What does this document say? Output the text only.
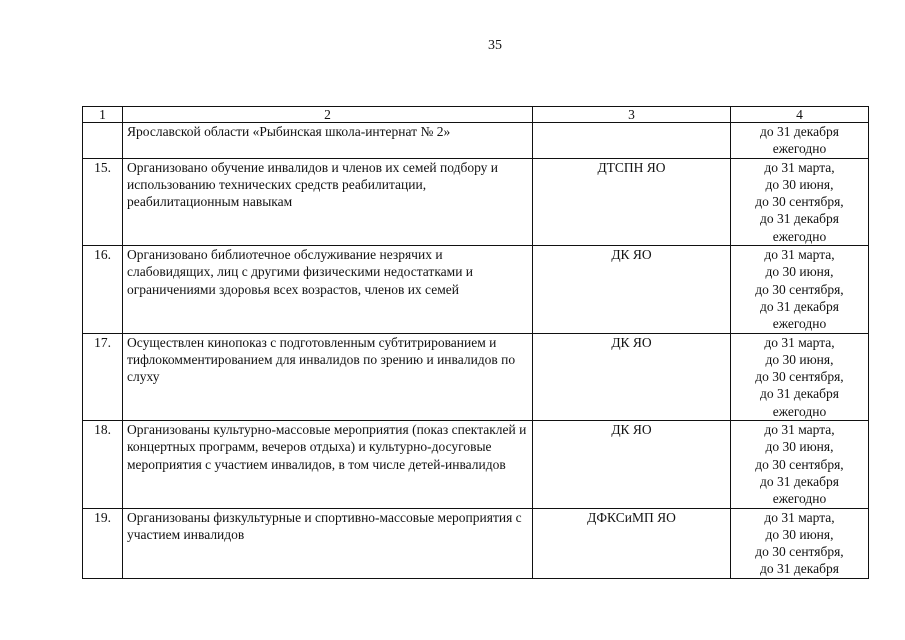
35
1	2	3	4
	Ярославской области «Рыбинская школа-интернат № 2»		до 31 декабря
ежегодно

15.	Организовано обучение инвалидов и членов их семей подбору и использованию технических средств реабилитации, реабилитационным навыкам	ДТСПН ЯО	до 31 марта,
до 30 июня,
до 30 сентября,
до 31 декабря
ежегодно

16.	Организовано библиотечное обслуживание незрячих и слабовидящих, лиц с другими физическими недостатками и ограничениями здоровья всех возрастов, членов их семей	ДК ЯО	до 31 марта,
до 30 июня,
до 30 сентября,
до 31 декабря
ежегодно

17.	Осуществлен кинопоказ с подготовленным субтитрированием и тифлокомментированием для инвалидов по зрению и инвалидов по слуху	ДК ЯО	до 31 марта,
до 30 июня,
до 30 сентября,
до 31 декабря
ежегодно

18.	Организованы культурно-массовые мероприятия (показ спектаклей и концертных программ, вечеров отдыха) и культурно-досуговые мероприятия с участием инвалидов, в том числе детей-инвалидов	ДК ЯО	до 31 марта,
до 30 июня,
до 30 сентября,
до 31 декабря
ежегодно

19.	Организованы физкультурные и спортивно-массовые мероприятия с участием инвалидов	ДФКСиМП ЯО	до 31 марта,
до 30 июня,
до 30 сентября,
до 31 декабря
